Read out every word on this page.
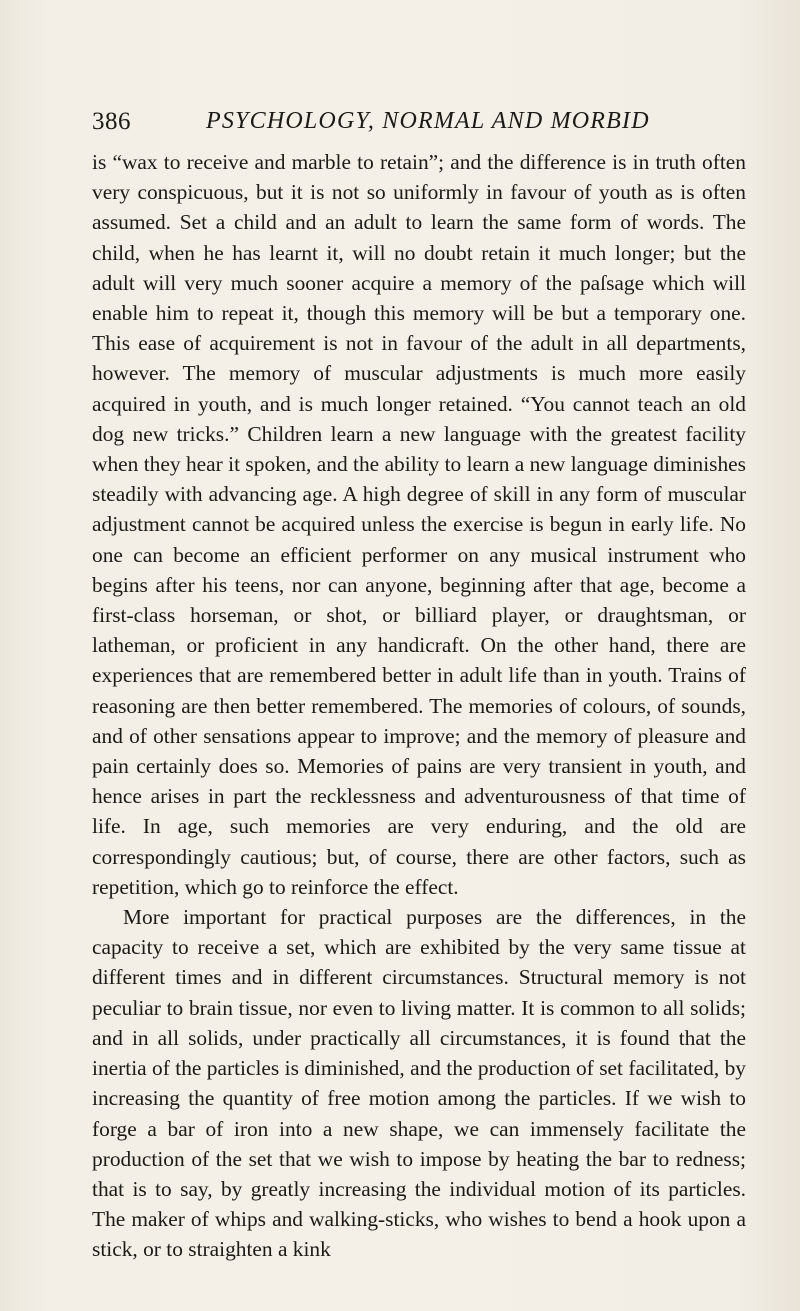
386	PSYCHOLOGY, NORMAL AND MORBID

is “wax to receive and marble to retain”; and the difference is in truth often very conspicuous, but it is not so uniformly in favour of youth as is often assumed. Set a child and an adult to learn the same form of words. The child, when he has learnt it, will no doubt retain it much longer; but the adult will very much sooner acquire a memory of the paſsage which will enable him to repeat it, though this memory will be but a temporary one. This ease of acquirement is not in favour of the adult in all departments, however. The memory of muscular adjustments is much more easily acquired in youth, and is much longer retained. “You cannot teach an old dog new tricks.” Children learn a new language with the greatest facility when they hear it spoken, and the ability to learn a new language diminishes steadily with advancing age. A high degree of skill in any form of muscular adjustment cannot be acquired unless the exercise is begun in early life. No one can become an efficient performer on any musical instrument who begins after his teens, nor can anyone, beginning after that age, become a first-class horseman, or shot, or billiard player, or draughtsman, or latheman, or proficient in any handicraft. On the other hand, there are experiences that are remembered better in adult life than in youth. Trains of reasoning are then better remembered. The memories of colours, of sounds, and of other sensations appear to improve; and the memory of pleasure and pain certainly does so. Memories of pains are very transient in youth, and hence arises in part the recklessness and adventurousness of that time of life. In age, such memories are very enduring, and the old are correspondingly cautious; but, of course, there are other factors, such as repetition, which go to reinforce the effect.

More important for practical purposes are the differences, in the capacity to receive a set, which are exhibited by the very same tissue at different times and in different circumstances. Structural memory is not peculiar to brain tissue, nor even to living matter. It is common to all solids; and in all solids, under practically all circumstances, it is found that the inertia of the particles is diminished, and the production of set facilitated, by increasing the quantity of free motion among the particles. If we wish to forge a bar of iron into a new shape, we can immensely facilitate the production of the set that we wish to impose by heating the bar to redness; that is to say, by greatly increasing the individual motion of its particles. The maker of whips and walking-sticks, who wishes to bend a hook upon a stick, or to straighten a kink
